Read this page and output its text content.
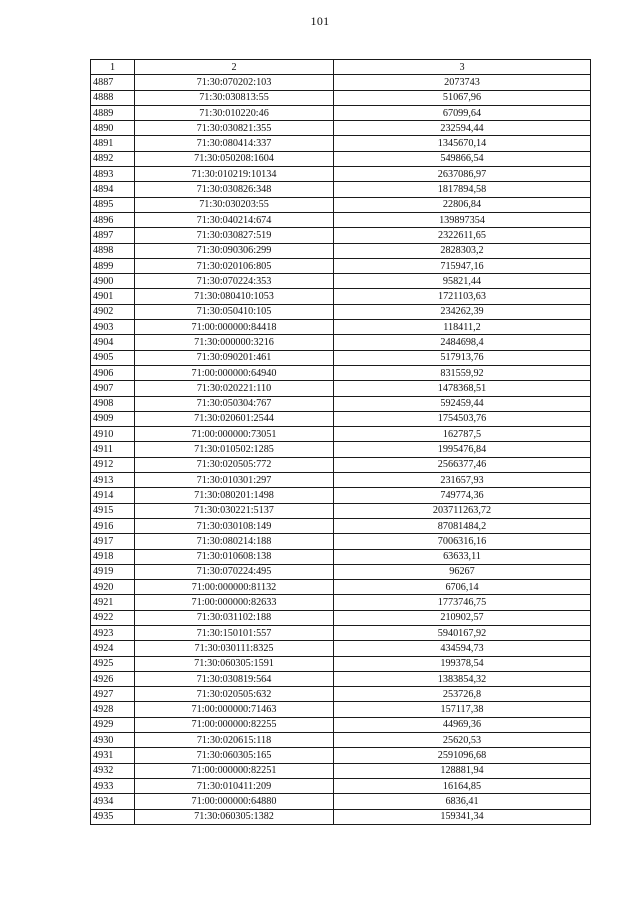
101
1	2	3
4887	71:30:070202:103	2073743
4888	71:30:030813:55	51067,96
4889	71:30:010220:46	67099,64
4890	71:30:030821:355	232594,44
4891	71:30:080414:337	1345670,14
4892	71:30:050208:1604	549866,54
4893	71:30:010219:10134	2637086,97
4894	71:30:030826:348	1817894,58
4895	71:30:030203:55	22806,84
4896	71:30:040214:674	139897354
4897	71:30:030827:519	2322611,65
4898	71:30:090306:299	2828303,2
4899	71:30:020106:805	715947,16
4900	71:30:070224:353	95821,44
4901	71:30:080410:1053	1721103,63
4902	71:30:050410:105	234262,39
4903	71:00:000000:84418	118411,2
4904	71:30:000000:3216	2484698,4
4905	71:30:090201:461	517913,76
4906	71:00:000000:64940	831559,92
4907	71:30:020221:110	1478368,51
4908	71:30:050304:767	592459,44
4909	71:30:020601:2544	1754503,76
4910	71:00:000000:73051	162787,5
4911	71:30:010502:1285	1995476,84
4912	71:30:020505:772	2566377,46
4913	71:30:010301:297	231657,93
4914	71:30:080201:1498	749774,36
4915	71:30:030221:5137	203711263,72
4916	71:30:030108:149	87081484,2
4917	71:30:080214:188	7006316,16
4918	71:30:010608:138	63633,11
4919	71:30:070224:495	96267
4920	71:00:000000:81132	6706,14
4921	71:00:000000:82633	1773746,75
4922	71:30:031102:188	210902,57
4923	71:30:150101:557	5940167,92
4924	71:30:030111:8325	434594,73
4925	71:30:060305:1591	199378,54
4926	71:30:030819:564	1383854,32
4927	71:30:020505:632	253726,8
4928	71:00:000000:71463	157117,38
4929	71:00:000000:82255	44969,36
4930	71:30:020615:118	25620,53
4931	71:30:060305:165	2591096,68
4932	71:00:000000:82251	128881,94
4933	71:30:010411:209	16164,85
4934	71:00:000000:64880	6836,41
4935	71:30:060305:1382	159341,34
